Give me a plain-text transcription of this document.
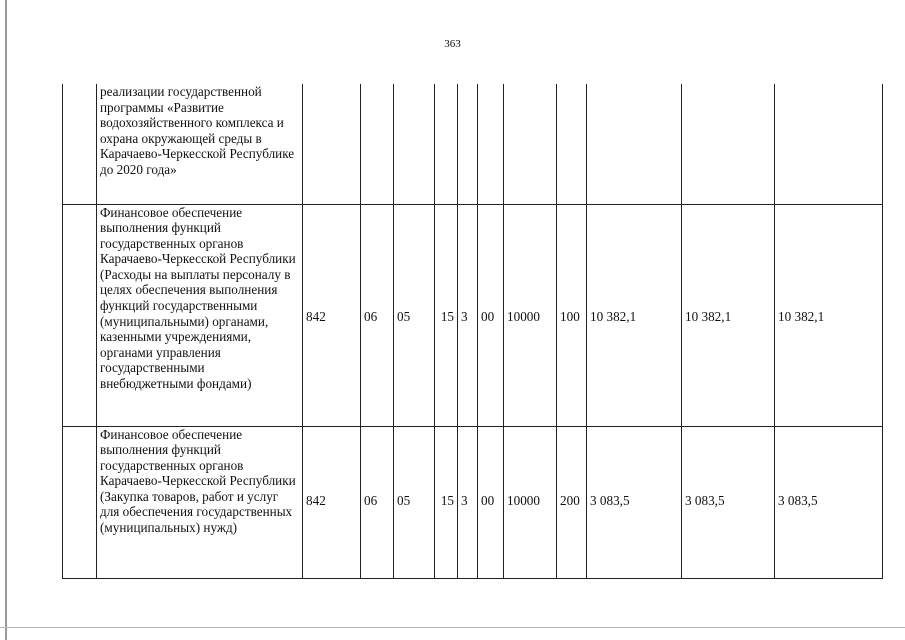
363
	реализации государственной программы «Развитие водохозяйственного комплекса и охрана окружающей среды в Карачаево-Черкесской Республике до 2020 года»											
	Финансовое обеспечение выполнения функций государственных органов Карачаево-Черкесской Республики (Расходы на выплаты персоналу в целях обеспечения выполнения функций государственными (муниципальными) органами, казенными учреждениями, органами управления государственными внебюджетными фондами)	842	06	05	15	3	00	10000	100	10 382,1	10 382,1	10 382,1
	Финансовое обеспечение выполнения функций государственных органов Карачаево-Черкесской Республики (Закупка товаров, работ и услуг для обеспечения государственных (муниципальных) нужд)	842	06	05	15	3	00	10000	200	3 083,5	3 083,5	3 083,5
